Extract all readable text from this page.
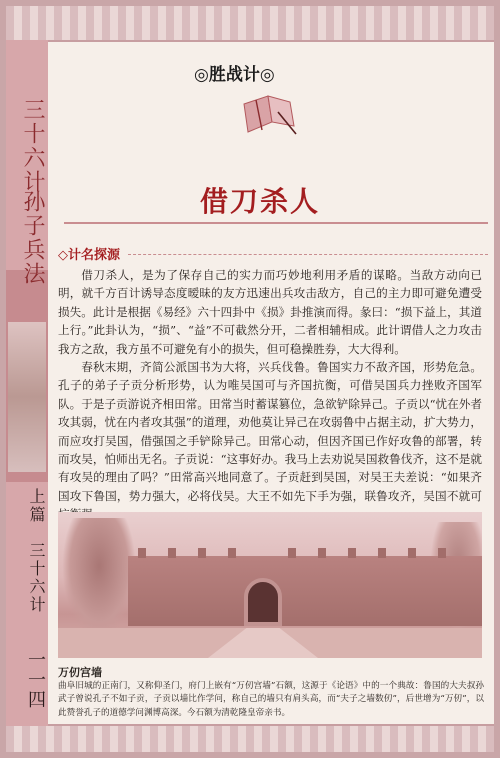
三十六计
孙子兵法
上篇　三十六计
一一四
◎胜战计◎
借刀杀人
◇计名探源

借刀杀人，是为了保存自己的实力而巧妙地利用矛盾的谋略。当敌方动向已明，就千方百计诱导态度暧昧的友方迅速出兵攻击敌方，自己的主力即可避免遭受损失。此计是根据《易经》六十四卦中《损》卦推演而得。彖曰：“损下益上，其道上行。”此卦认为，“损”、“益”不可截然分开，二者相辅相成。此计谓借人之力攻击我方之敌，我方虽不可避免有小的损失，但可稳操胜券，大大得利。

春秋末期，齐简公派国书为大将，兴兵伐鲁。鲁国实力不敌齐国，形势危急。孔子的弟子子贡分析形势，认为唯吴国可与齐国抗衡，可借吴国兵力挫败齐国军队。于是子贡游说齐相田常。田常当时蓄谋篡位，急欲铲除异己。子贡以“忧在外者攻其弱，忧在内者攻其强”的道理，劝他莫让异己在攻弱鲁中占据主动，扩大势力，而应攻打吴国，借强国之手铲除异己。田常心动，但因齐国已作好攻鲁的部署，转而攻吴，怕师出无名。子贡说：“这事好办。我马上去劝说吴国救鲁伐齐，这不是就有攻吴的理由了吗？”田常高兴地同意了。子贡赶到吴国，对吴王夫差说：“如果齐国攻下鲁国，势力强大，必将伐吴。大王不如先下手为强，联鲁攻齐，吴国不就可

万仞宫墙
曲阜旧城的正南门，又称仰圣门，府门上嵌有“万仞宫墙”石额，这源于《论语》中的一个典故：鲁国的大夫叔孙武子曾说孔子不如子贡，子贡以墙比作学问，称自己的墙只有肩头高，而“夫子之墙数仞”，后世增为“万仞”，以此赞誉孔子的道德学问渊博高深。今石额为清乾隆皇帝亲书。
